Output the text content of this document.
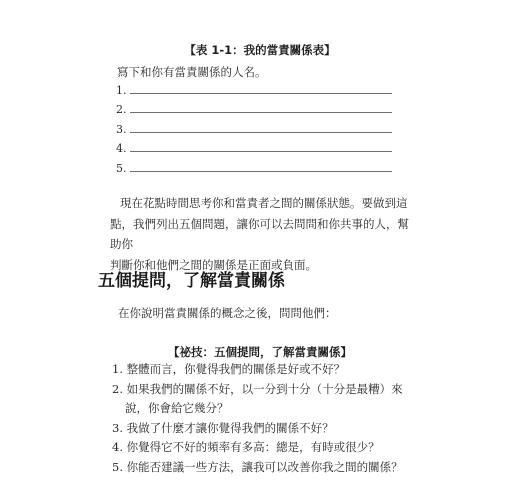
【表 1-1：我的當責關係表】
寫下和你有當責關係的人名。
1.
2.
3.
4.
5.
現在花點時間思考你和當責者之間的關係狀態。要做到這
點，我們列出五個問題，讓你可以去問問和你共事的人，幫助你
判斷你和他們之間的關係是正面或負面。
五個提問，了解當責關係
在你說明當責關係的概念之後，問問他們：
【祕技：五個提問，了解當責關係】
1. 整體而言，你覺得我們的關係是好或不好？
2. 如果我們的關係不好，以一分到十分（十分是最糟）來
說，你會給它幾分？
3. 我做了什麼才讓你覺得我們的關係不好？
4. 你覺得它不好的頻率有多高：總是，有時或很少？
5. 你能否建議一些方法，讓我可以改善你我之間的關係？
